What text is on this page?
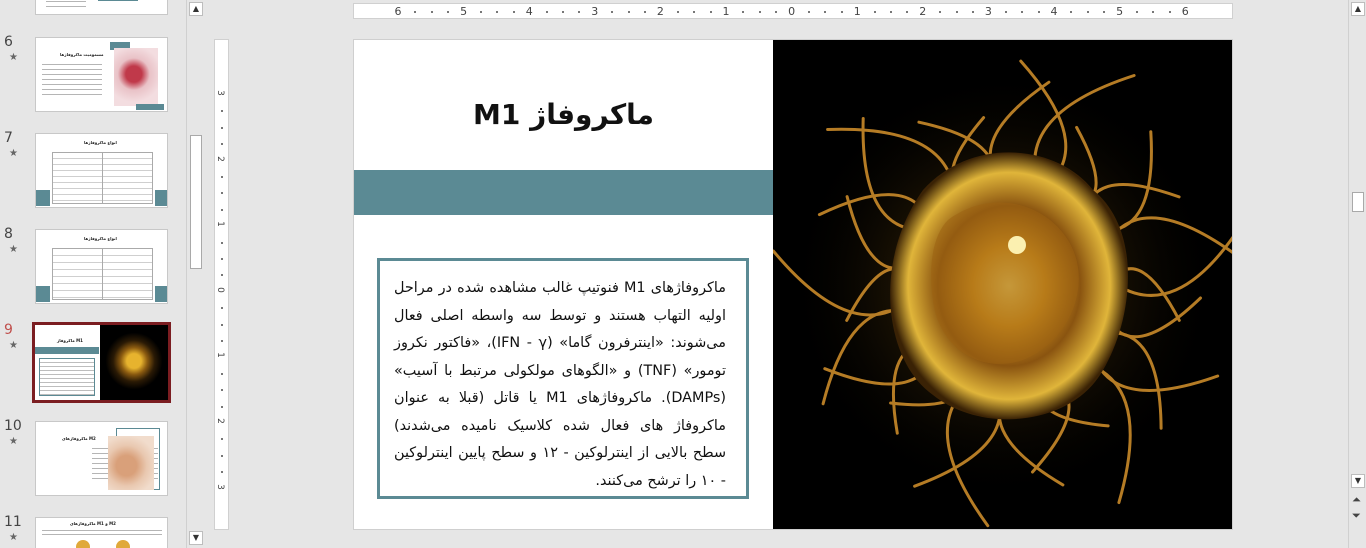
6
★	مسمومیت ماکروفاژها
7
★
انواع ماکروفاژها
8
★
انواع ماکروفاژها
9
★	ماکروفاژ M1
10
★	ماکروفاژهای M2
11
★
ماکروفاژهای M1 و M2
▲
▼
6	5	4	3	2	1	0	1	2	3	4	5	6
3
2
1
0
1
2
3
ماکروفاژ M1

ماکروفاژهای M1 فنوتیپ غالب مشاهده شده در مراحل اولیه التهاب هستند و توسط سه واسطه اصلی فعال می‌شوند: «اینترفرون گاما» (IFN - γ)، «فاکتور نکروز تومور» (TNF) و «الگوهای مولکولی مرتبط با آسیب» (DAMPs). ماکروفاژهای M1 یا قاتل (قبلا به عنوان ماکروفاژ های فعال شده کلاسیک نامیده می‌شدند) سطح بالایی از اینترلوکین - ۱۲ و سطح پایین اینترلوکین - ۱۰ را ترشح می‌کنند.

▲
▼
⏶
⏷
